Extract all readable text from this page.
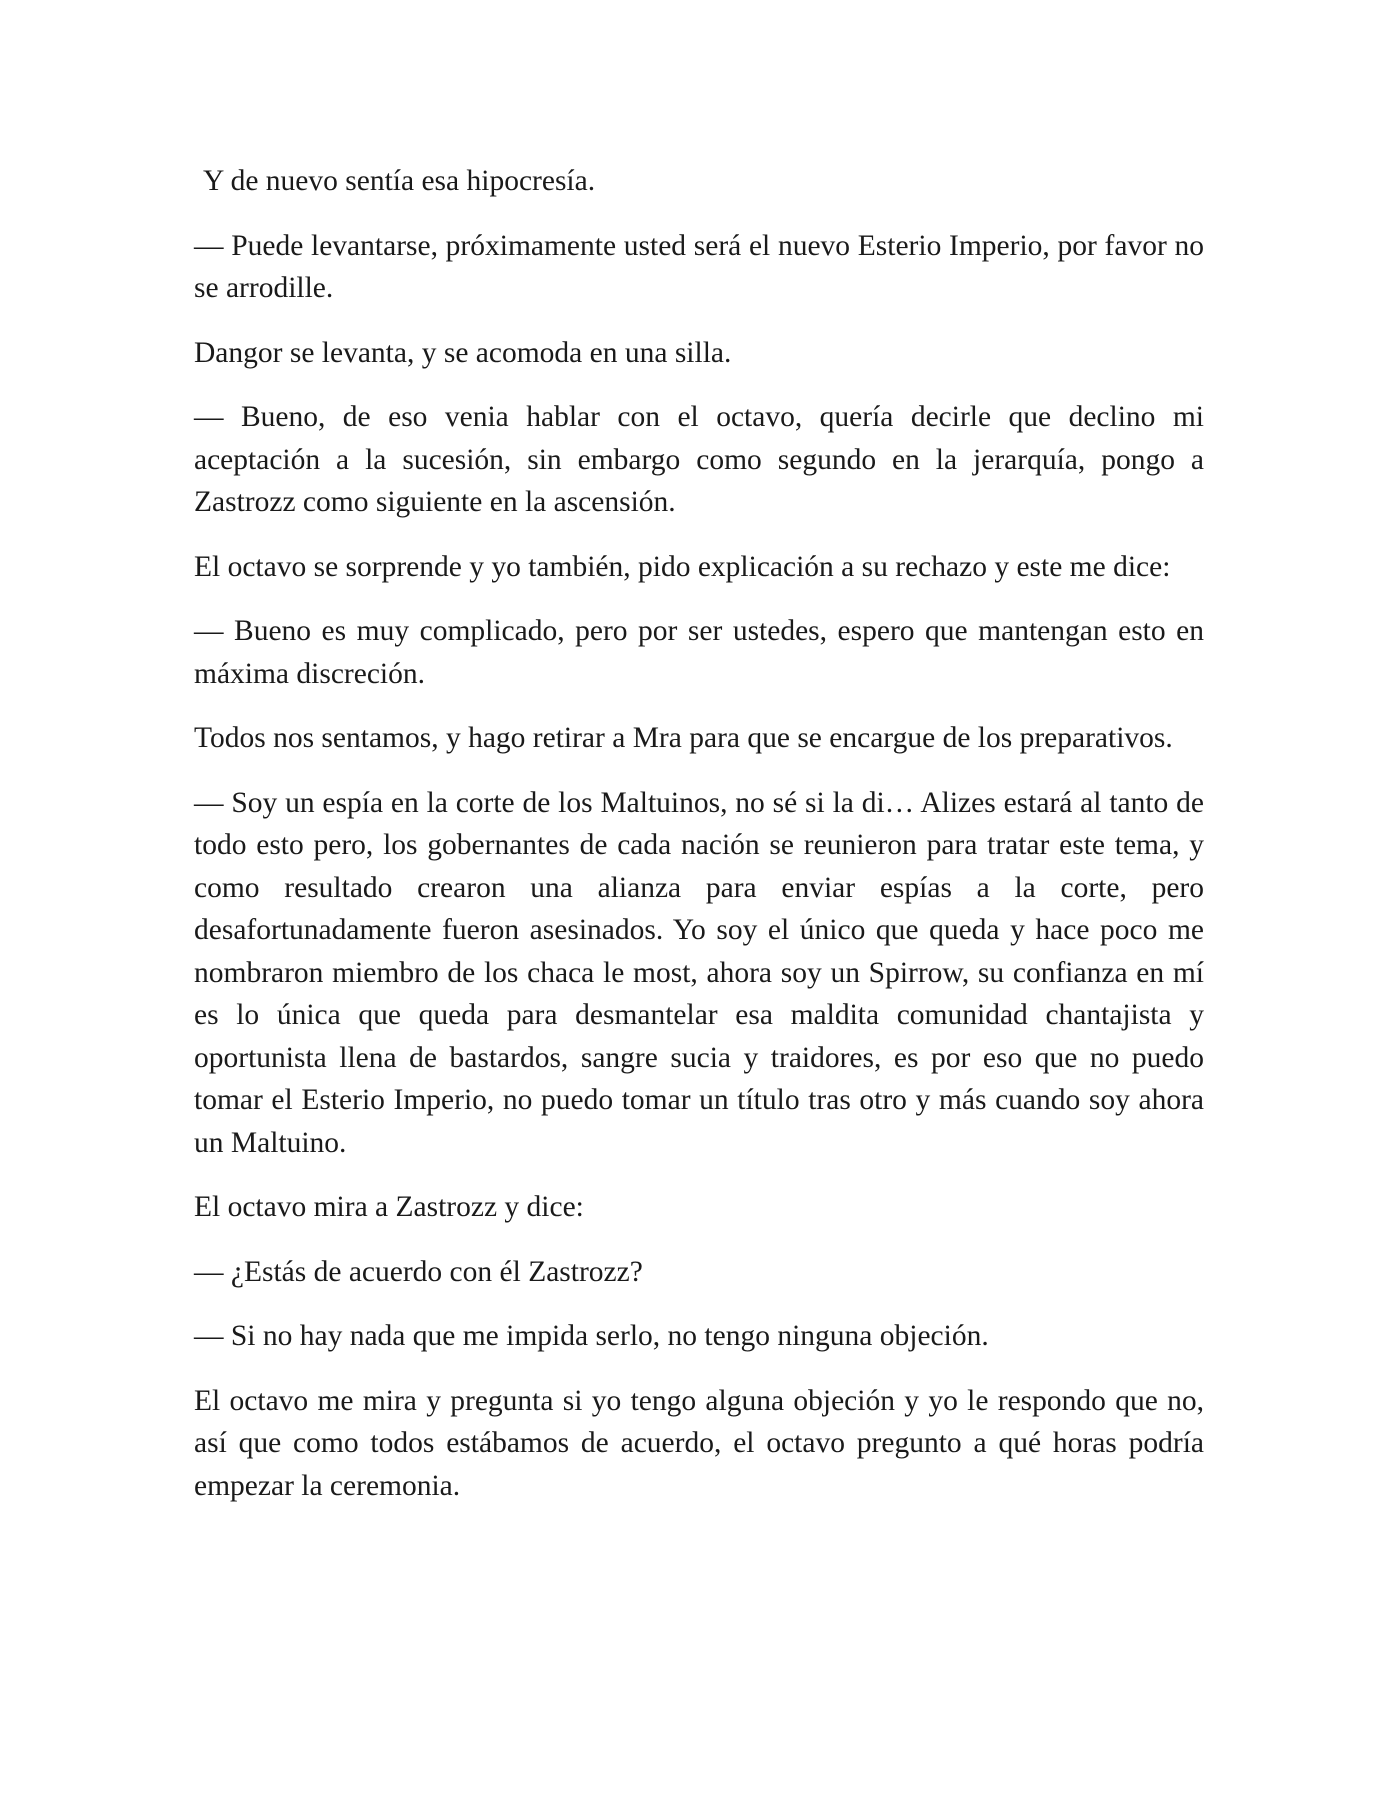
Y de nuevo sentía esa hipocresía.

— Puede levantarse, próximamente usted será el nuevo Esterio Imperio, por favor no se arrodille.

Dangor se levanta, y se acomoda en una silla.

— Bueno, de eso venia hablar con el octavo, quería decirle que declino mi aceptación a la sucesión, sin embargo como segundo en la jerarquía, pongo a Zastrozz como siguiente en la ascensión.

El octavo se sorprende y yo también, pido explicación a su rechazo y este me dice:

— Bueno es muy complicado, pero por ser ustedes, espero que mantengan esto en máxima discreción.

Todos nos sentamos, y hago retirar a Mra para que se encargue de los preparativos.

— Soy un espía en la corte de los Maltuinos, no sé si la di… Alizes estará al tanto de todo esto pero, los gobernantes de cada nación se reunieron para tratar este tema, y como resultado crearon una alianza para enviar espías a la corte, pero desafortunadamente fueron asesinados. Yo soy el único que queda y hace poco me nombraron miembro de los chaca le most, ahora soy un Spirrow, su confianza en mí es lo única que queda para desmantelar esa maldita comunidad chantajista y oportunista llena de bastardos, sangre sucia y traidores, es por eso que no puedo tomar el Esterio Imperio, no puedo tomar un título tras otro y más cuando soy ahora un Maltuino.

El octavo mira a Zastrozz y dice:

— ¿Estás de acuerdo con él Zastrozz?

— Si no hay nada que me impida serlo, no tengo ninguna objeción.

El octavo me mira y pregunta si yo tengo alguna objeción y yo le respondo que no, así que como todos estábamos de acuerdo, el octavo pregunto a qué horas podría empezar la ceremonia.
